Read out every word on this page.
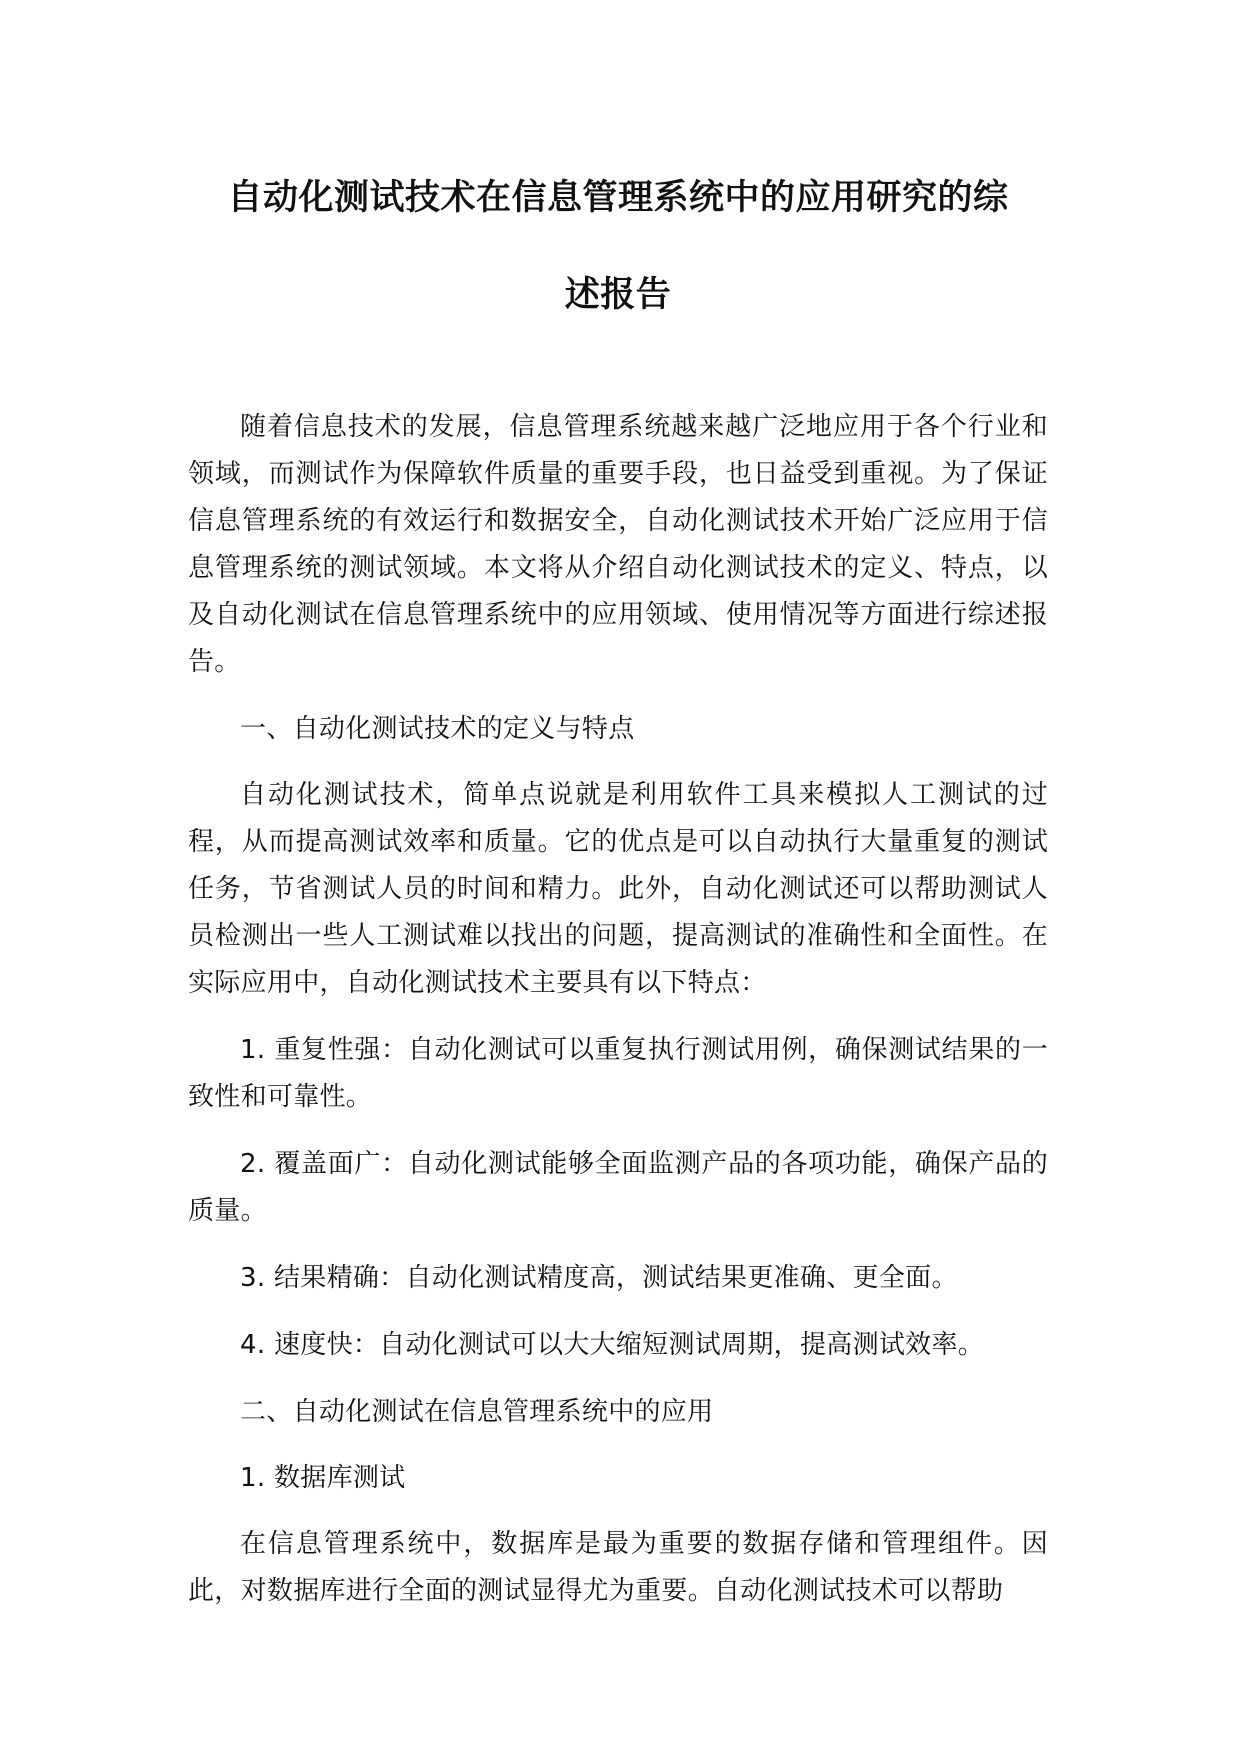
自动化测试技术在信息管理系统中的应用研究的综
述报告

随着信息技术的发展，信息管理系统越来越广泛地应用于各个行业和领域，而测试作为保障软件质量的重要手段，也日益受到重视。为了保证信息管理系统的有效运行和数据安全，自动化测试技术开始广泛应用于信息管理系统的测试领域。本文将从介绍自动化测试技术的定义、特点，以及自动化测试在信息管理系统中的应用领域、使用情况等方面进行综述报告。

一、自动化测试技术的定义与特点

自动化测试技术，简单点说就是利用软件工具来模拟人工测试的过程，从而提高测试效率和质量。它的优点是可以自动执行大量重复的测试任务，节省测试人员的时间和精力。此外，自动化测试还可以帮助测试人员检测出一些人工测试难以找出的问题，提高测试的准确性和全面性。在实际应用中，自动化测试技术主要具有以下特点：

1. 重复性强：自动化测试可以重复执行测试用例，确保测试结果的一致性和可靠性。

2. 覆盖面广：自动化测试能够全面监测产品的各项功能，确保产品的质量。

3. 结果精确：自动化测试精度高，测试结果更准确、更全面。

4. 速度快：自动化测试可以大大缩短测试周期，提高测试效率。

二、自动化测试在信息管理系统中的应用

1. 数据库测试

在信息管理系统中，数据库是最为重要的数据存储和管理组件。因此，对数据库进行全面的测试显得尤为重要。自动化测试技术可以帮助
